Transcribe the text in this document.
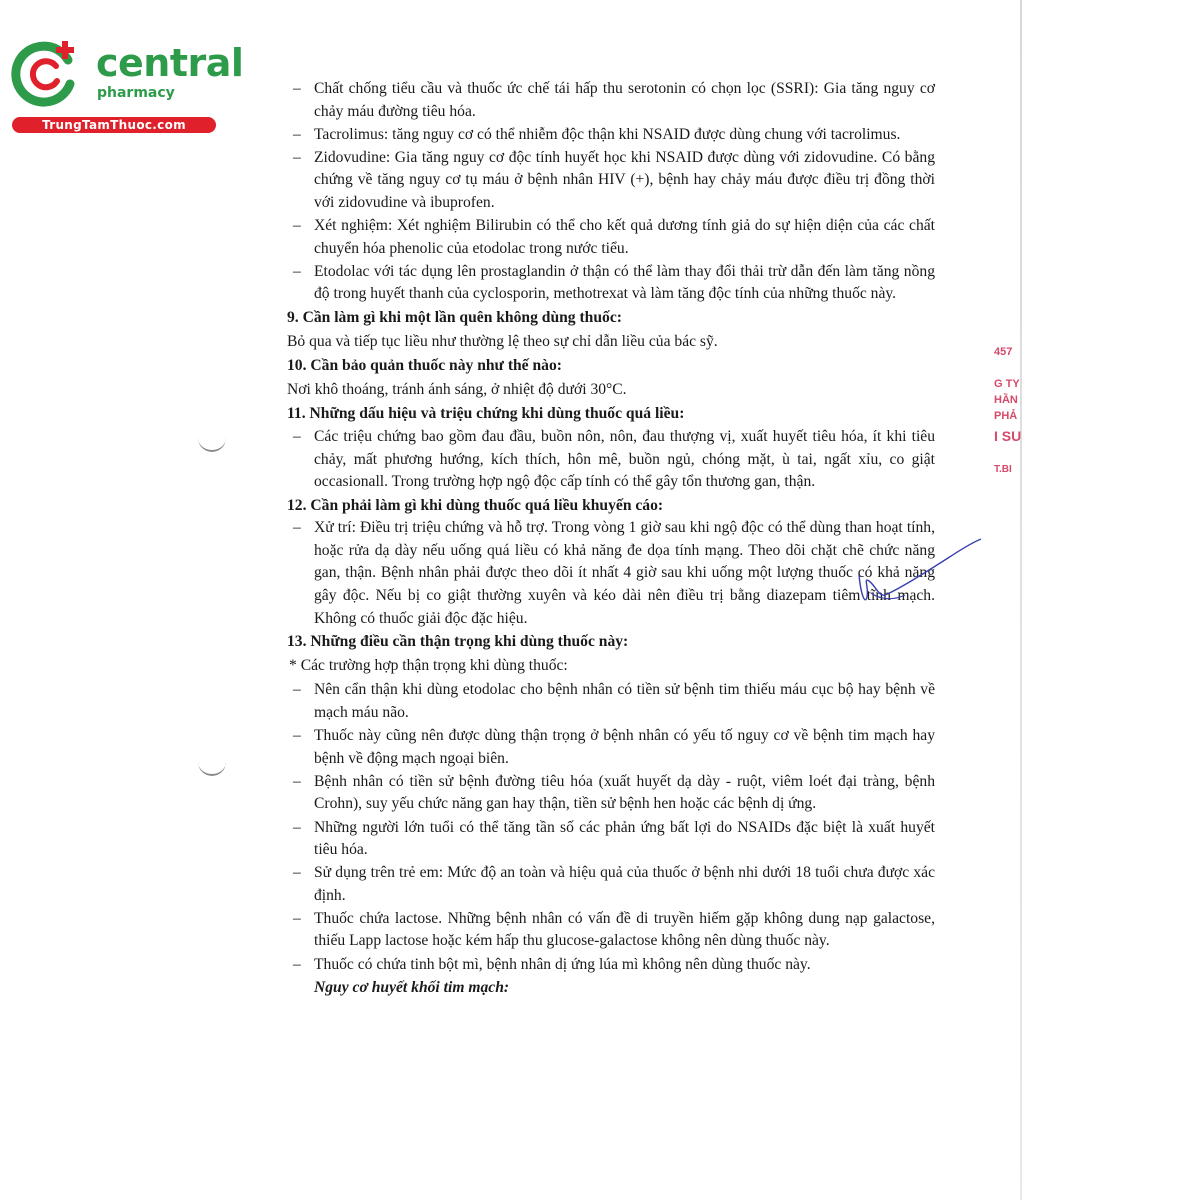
central
pharmacy
TrungTamThuoc.com
– Chất chống tiểu cầu và thuốc ức chế tái hấp thu serotonin có chọn lọc (SSRI): Gia tăng nguy cơ chảy máu đường tiêu hóa.
– Tacrolimus: tăng nguy cơ có thể nhiễm độc thận khi NSAID được dùng chung với tacrolimus.
– Zidovudine: Gia tăng nguy cơ độc tính huyết học khi NSAID được dùng với zidovudine. Có bằng chứng về tăng nguy cơ tụ máu ở bệnh nhân HIV (+), bệnh hay chảy máu được điều trị đồng thời với zidovudine và ibuprofen.
– Xét nghiệm: Xét nghiệm Bilirubin có thể cho kết quả dương tính giả do sự hiện diện của các chất chuyển hóa phenolic của etodolac trong nước tiểu.
– Etodolac với tác dụng lên prostaglandin ở thận có thể làm thay đổi thải trừ dẫn đến làm tăng nồng độ trong huyết thanh của cyclosporin, methotrexat và làm tăng độc tính của những thuốc này.
9. Cần làm gì khi một lần quên không dùng thuốc:
Bỏ qua và tiếp tục liều như thường lệ theo sự chỉ dẫn liều của bác sỹ.
10. Cần bảo quản thuốc này như thế nào:
Nơi khô thoáng, tránh ánh sáng, ở nhiệt độ dưới 30°C.
11. Những dấu hiệu và triệu chứng khi dùng thuốc quá liều:
– Các triệu chứng bao gồm đau đầu, buồn nôn, nôn, đau thượng vị, xuất huyết tiêu hóa, ít khi tiêu chảy, mất phương hướng, kích thích, hôn mê, buồn ngủ, chóng mặt, ù tai, ngất xỉu, co giật occasionall. Trong trường hợp ngộ độc cấp tính có thể gây tổn thương gan, thận.
12. Cần phải làm gì khi dùng thuốc quá liều khuyến cáo:
– Xử trí: Điều trị triệu chứng và hỗ trợ. Trong vòng 1 giờ sau khi ngộ độc có thể dùng than hoạt tính, hoặc rửa dạ dày nếu uống quá liều có khả năng đe dọa tính mạng. Theo dõi chặt chẽ chức năng gan, thận. Bệnh nhân phải được theo dõi ít nhất 4 giờ sau khi uống một lượng thuốc có khả năng gây độc. Nếu bị co giật thường xuyên và kéo dài nên điều trị bằng diazepam tiêm tĩnh mạch. Không có thuốc giải độc đặc hiệu.
13. Những điều cần thận trọng khi dùng thuốc này:
* Các trường hợp thận trọng khi dùng thuốc:
– Nên cẩn thận khi dùng etodolac cho bệnh nhân có tiền sử bệnh tim thiếu máu cục bộ hay bệnh về mạch máu não.
– Thuốc này cũng nên được dùng thận trọng ở bệnh nhân có yếu tố nguy cơ về bệnh tim mạch hay bệnh về động mạch ngoại biên.
– Bệnh nhân có tiền sử bệnh đường tiêu hóa (xuất huyết dạ dày - ruột, viêm loét đại tràng, bệnh Crohn), suy yếu chức năng gan hay thận, tiền sử bệnh hen hoặc các bệnh dị ứng.
– Những người lớn tuổi có thể tăng tần số các phản ứng bất lợi do NSAIDs đặc biệt là xuất huyết tiêu hóa.
– Sử dụng trên trẻ em: Mức độ an toàn và hiệu quả của thuốc ở bệnh nhi dưới 18 tuổi chưa được xác định.
– Thuốc chứa lactose. Những bệnh nhân có vấn đề di truyền hiếm gặp không dung nạp galactose, thiếu Lapp lactose hoặc kém hấp thu glucose-galactose không nên dùng thuốc này.
– Thuốc có chứa tinh bột mì, bệnh nhân dị ứng lúa mì không nên dùng thuốc này.
Nguy cơ huyết khối tim mạch:
457
G TY
HẦN
PHẢ
I SU
T.BI
